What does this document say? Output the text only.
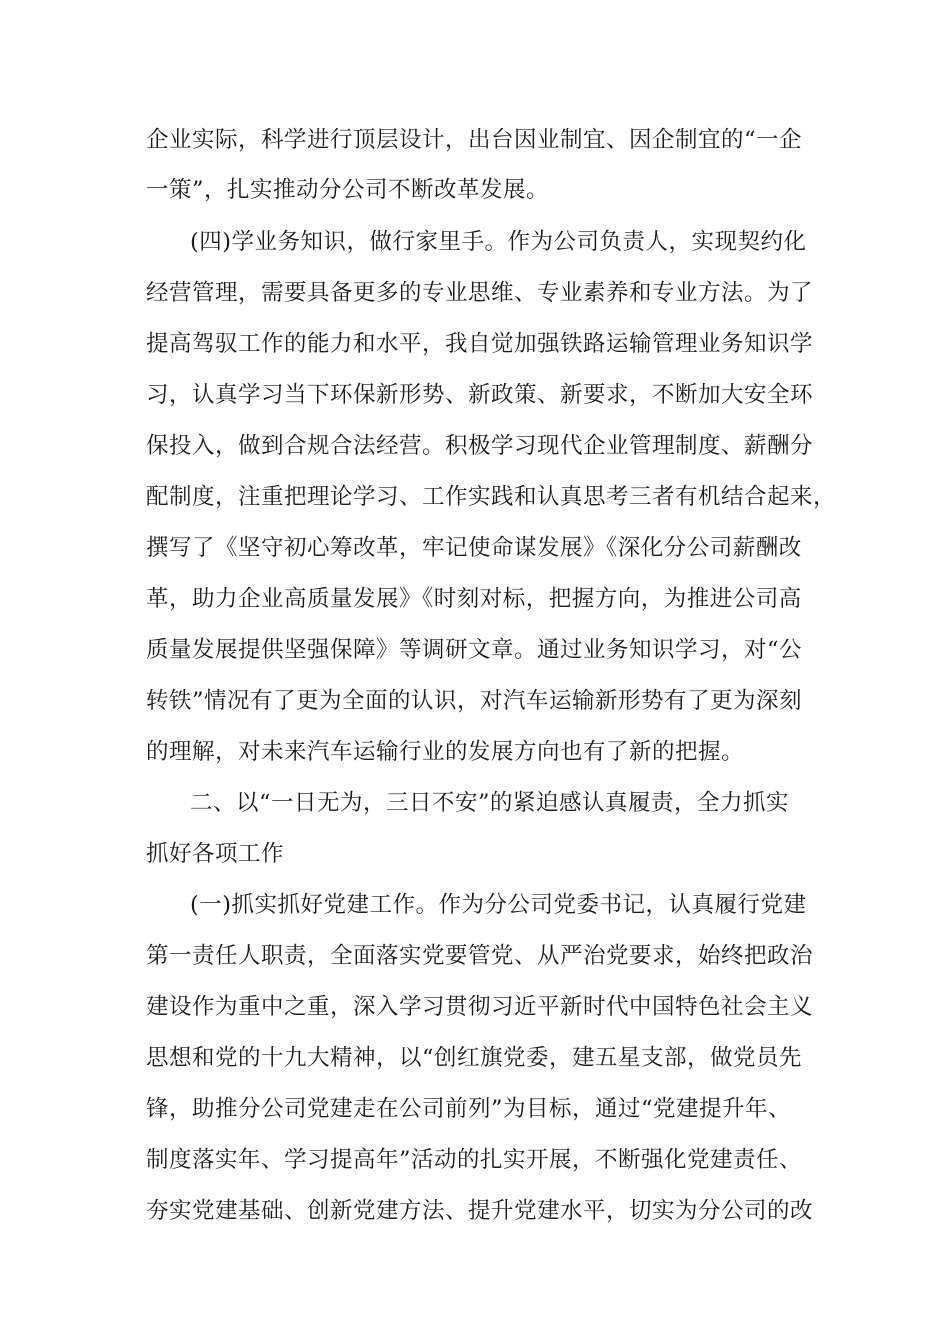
企业实际，科学进行顶层设计，出台因业制宜、因企制宜的“一企
一策”，扎实推动分公司不断改革发展。
(四)学业务知识，做行家里手。作为公司负责人，实现契约化
经营管理，需要具备更多的专业思维、专业素养和专业方法。为了
提高驾驭工作的能力和水平，我自觉加强铁路运输管理业务知识学
习，认真学习当下环保新形势、新政策、新要求，不断加大安全环
保投入，做到合规合法经营。积极学习现代企业管理制度、薪酬分
配制度，注重把理论学习、工作实践和认真思考三者有机结合起来，
撰写了《坚守初心筹改革，牢记使命谋发展》《深化分公司薪酬改
革，助力企业高质量发展》《时刻对标，把握方向，为推进公司高
质量发展提供坚强保障》等调研文章。通过业务知识学习，对“公
转铁”情况有了更为全面的认识，对汽车运输新形势有了更为深刻
的理解，对未来汽车运输行业的发展方向也有了新的把握。
二、以“一日无为，三日不安”的紧迫感认真履责，全力抓实
抓好各项工作
(一)抓实抓好党建工作。作为分公司党委书记，认真履行党建
第一责任人职责，全面落实党要管党、从严治党要求，始终把政治
建设作为重中之重，深入学习贯彻习近平新时代中国特色社会主义
思想和党的十九大精神，以“创红旗党委，建五星支部，做党员先
锋，助推分公司党建走在公司前列”为目标，通过“党建提升年、
制度落实年、学习提高年”活动的扎实开展，不断强化党建责任、
夯实党建基础、创新党建方法、提升党建水平，切实为分公司的改
